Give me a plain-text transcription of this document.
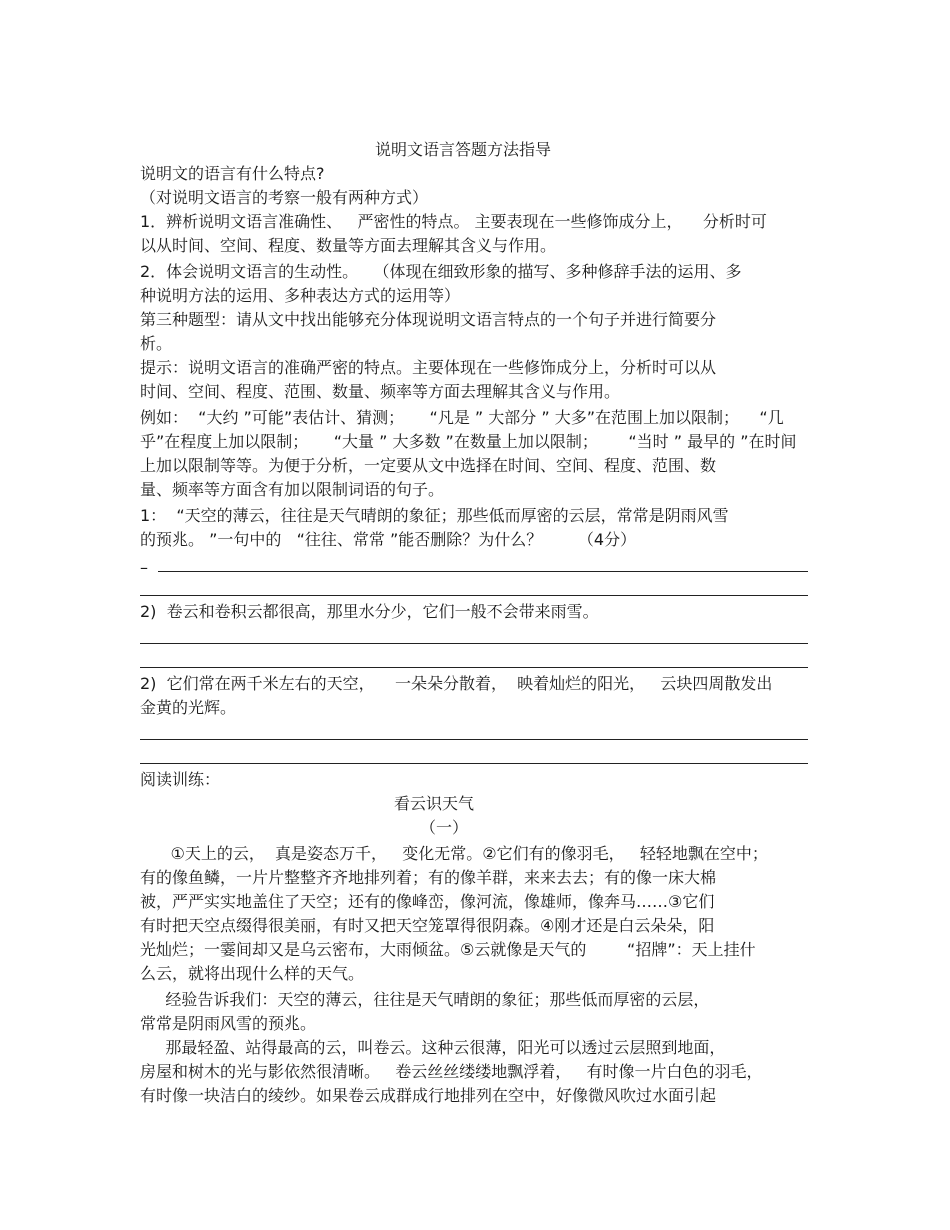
说明文语言答题方法指导
说明文的语言有什么特点?
（对说明文语言的考察一般有两种方式）
1．辨析说明文语言准确性、   严密性的特点。 主要表现在一些修饰成分上，    分析时可
以从时间、空间、程度、数量等方面去理解其含义与作用。
2．体会说明文语言的生动性。   （体现在细致形象的描写、多种修辞手法的运用、多
种说明方法的运用、多种表达方式的运用等）
第三种题型：请从文中找出能够充分体现说明文语言特点的一个句子并进行简要分
析。
提示：说明文语言的准确严密的特点。主要体现在一些修饰成分上，分析时可以从
时间、空间、程度、范围、数量、频率等方面去理解其含义与作用。
例如：  “大约 ”可能”表估计、猜测；     “凡是 ” 大部分 ” 大多”在范围上加以限制；    “几
乎”在程度上加以限制；     “大量 ” 大多数 ”在数量上加以限制；      “当时 ” 最早的 ”在时间
上加以限制等等。为便于分析，一定要从文中选择在时间、空间、程度、范围、数
量、频率等方面含有加以限制词语的句子。
1：  “天空的薄云，往往是天气晴朗的象征；那些低而厚密的云层，常常是阴雨风雪
的预兆。 ”一句中的   “往往、常常 ”能否删除？为什么？       （4分）
–
2)  卷云和卷积云都很高，那里水分少，它们一般不会带来雨雪。
2)  它们常在两千米左右的天空，    一朵朵分散着，  映着灿烂的阳光，   云块四周散发出
金黄的光辉。
阅读训练：
看云识天气
（一）
①天上的云，  真是姿态万千，   变化无常。②它们有的像羽毛，   轻轻地飘在空中；
有的像鱼鳞，一片片整整齐齐地排列着；有的像羊群，来来去去；有的像一床大棉
被，严严实实地盖住了天空；还有的像峰峦，像河流，像雄师，像奔马……③它们
有时把天空点缀得很美丽，有时又把天空笼罩得很阴森。④刚才还是白云朵朵，阳
光灿烂；一霎间却又是乌云密布，大雨倾盆。⑤云就像是天气的        “招牌”：天上挂什
么云，就将出现什么样的天气。
经验告诉我们：天空的薄云，往往是天气晴朗的象征；那些低而厚密的云层，
常常是阴雨风雪的预兆。
那最轻盈、站得最高的云，叫卷云。这种云很薄，阳光可以透过云层照到地面，
房屋和树木的光与影依然很清晰。   卷云丝丝缕缕地飘浮着，   有时像一片白色的羽毛，
有时像一块洁白的绫纱。如果卷云成群成行地排列在空中，好像微风吹过水面引起
